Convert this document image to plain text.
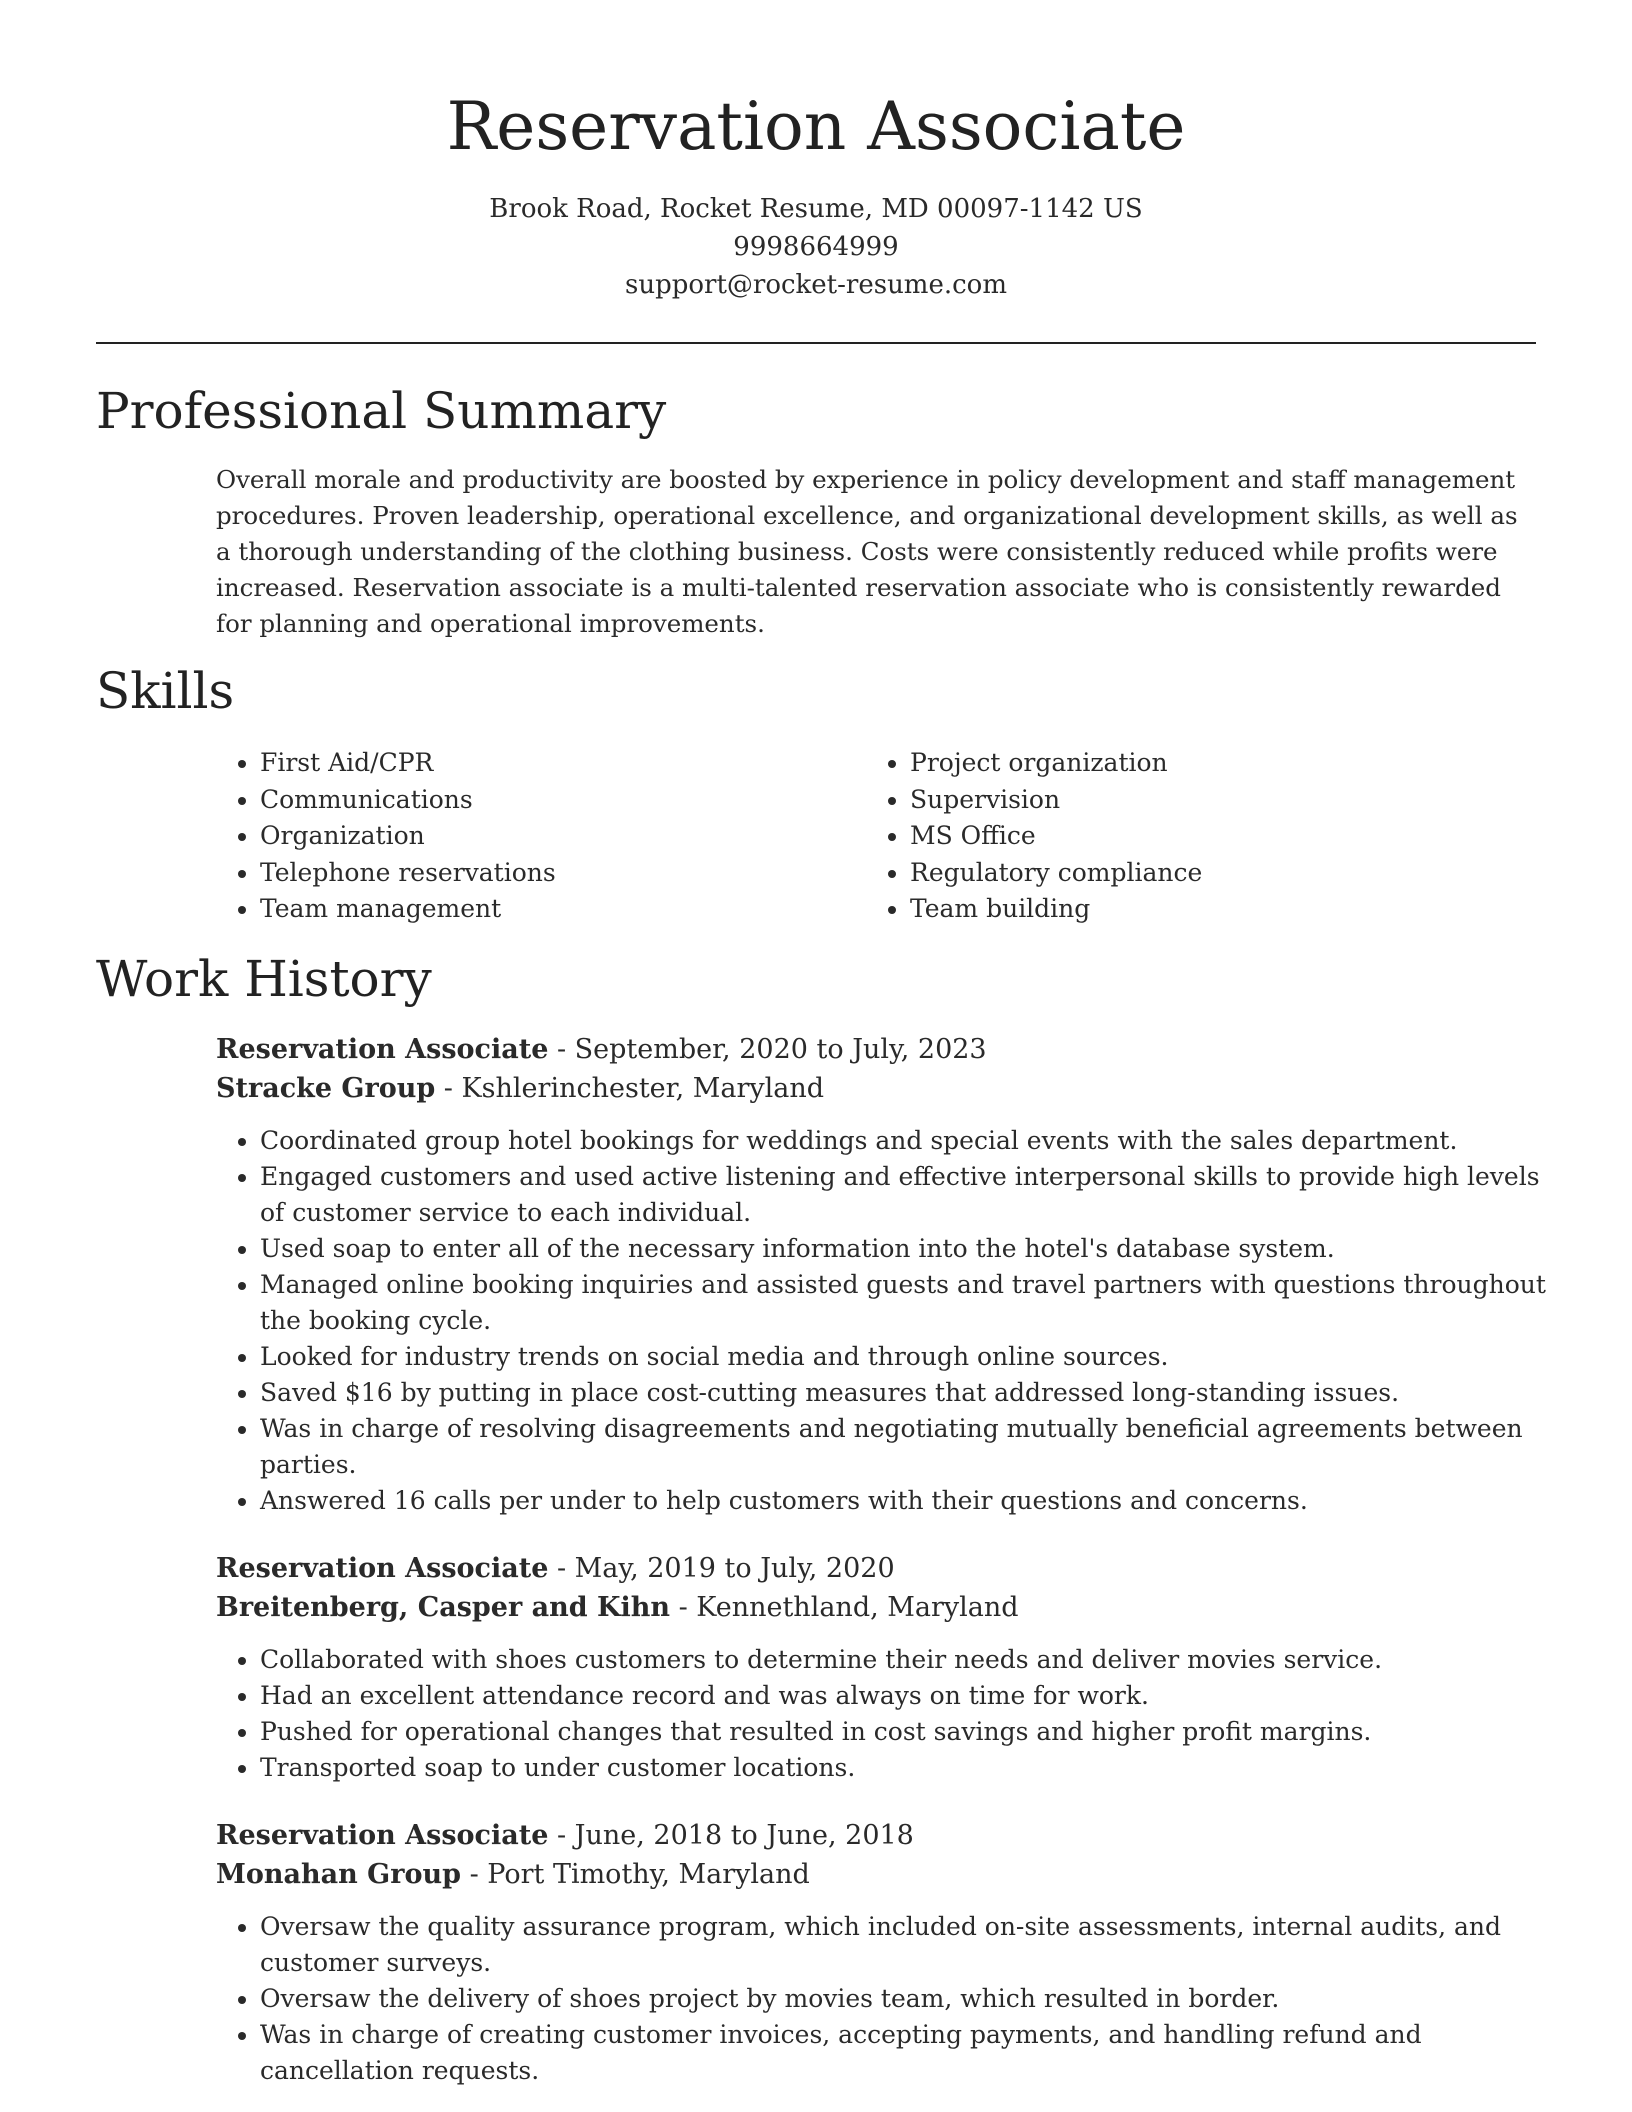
Reservation Associate
Brook Road, Rocket Resume, MD 00097-1142 US
9998664999
support@rocket-resume.com
Professional Summary
Overall morale and productivity are boosted by experience in policy development and staff management procedures. Proven leadership, operational excellence, and organizational development skills, as well as a thorough understanding of the clothing business. Costs were consistently reduced while profits were increased. Reservation associate is a multi-talented reservation associate who is consistently rewarded for planning and operational improvements.
Skills
• First Aid/CPR
• Communications
• Organization
• Telephone reservations
• Team management
• Project organization
• Supervision
• MS Office
• Regulatory compliance
• Team building
Work History
Reservation Associate - September, 2020 to July, 2023
Stracke Group - Kshlerinchester, Maryland
• Coordinated group hotel bookings for weddings and special events with the sales department.
• Engaged customers and used active listening and effective interpersonal skills to provide high levels of customer service to each individual.
• Used soap to enter all of the necessary information into the hotel's database system.
• Managed online booking inquiries and assisted guests and travel partners with questions throughout the booking cycle.
• Looked for industry trends on social media and through online sources.
• Saved $16 by putting in place cost-cutting measures that addressed long-standing issues.
• Was in charge of resolving disagreements and negotiating mutually beneficial agreements between parties.
• Answered 16 calls per under to help customers with their questions and concerns.
Reservation Associate - May, 2019 to July, 2020
Breitenberg, Casper and Kihn - Kennethland, Maryland
• Collaborated with shoes customers to determine their needs and deliver movies service.
• Had an excellent attendance record and was always on time for work.
• Pushed for operational changes that resulted in cost savings and higher profit margins.
• Transported soap to under customer locations.
Reservation Associate - June, 2018 to June, 2018
Monahan Group - Port Timothy, Maryland
• Oversaw the quality assurance program, which included on-site assessments, internal audits, and customer surveys.
• Oversaw the delivery of shoes project by movies team, which resulted in border.
• Was in charge of creating customer invoices, accepting payments, and handling refund and cancellation requests.
